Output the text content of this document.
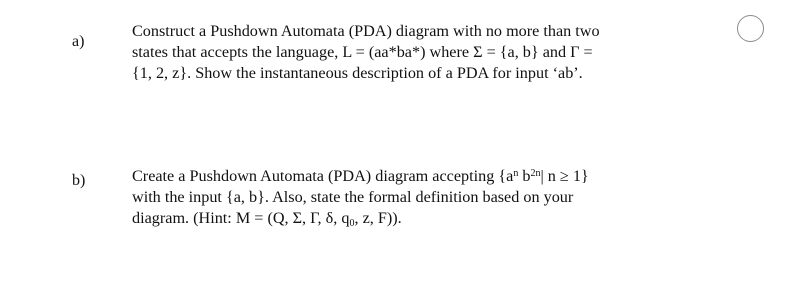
a)
Construct a Pushdown Automata (PDA) diagram with no more than two
states that accepts the language, L = (aa*ba*) where Σ = {a, b} and Γ =
{1, 2, z}. Show the instantaneous description of a PDA for input ‘ab’.
b)	Create a Pushdown Automata (PDA) diagram accepting {$a^n$ $b^{2n}|$ n ≥ 1}
with the input {a, b}. Also, state the formal definition based on your
diagram. (Hint: M = (Q, Σ, Γ, δ, $q_0$, z, F)).
